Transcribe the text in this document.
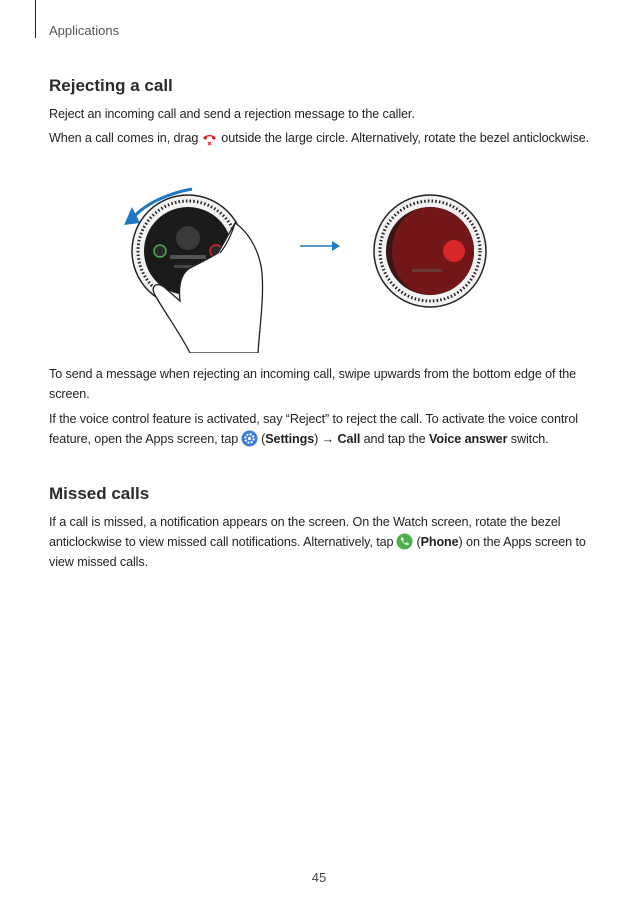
Applications
Rejecting a call

Reject an incoming call and send a rejection message to the caller.

When a call comes in, drag outside the large circle. Alternatively, rotate the bezel anticlockwise.

To send a message when rejecting an incoming call, swipe upwards from the bottom edge of the screen.

If the voice control feature is activated, say “Reject” to reject the call. To activate the voice control feature, open the Apps screen, tap (Settings) → Call and tap the Voice answer switch.

Missed calls

If a call is missed, a notification appears on the screen. On the Watch screen, rotate the bezel anticlockwise to view missed call notifications. Alternatively, tap (Phone) on the Apps screen to view missed calls.

45
